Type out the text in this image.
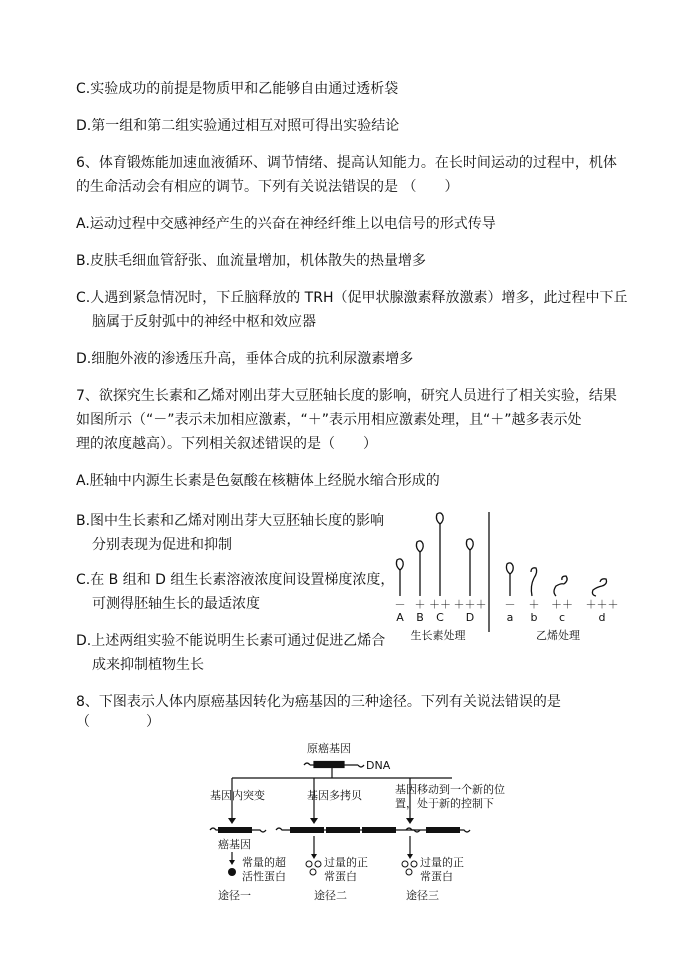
C.实验成功的前提是物质甲和乙能够自由通过透析袋
D.第一组和第二组实验通过相互对照可得出实验结论
6、体育锻炼能加速血液循环、调节情绪、提高认知能力。在长时间运动的过程中，机体
的生命活动会有相应的调节。下列有关说法错误的是 （　　）
A.运动过程中交感神经产生的兴奋在神经纤维上以电信号的形式传导
B.皮肤毛细血管舒张、血流量增加，机体散失的热量增多
C.人遇到紧急情况时，下丘脑释放的 TRH（促甲状腺激素释放激素）增多，此过程中下丘
脑属于反射弧中的神经中枢和效应器
D.细胞外液的渗透压升高，垂体合成的抗利尿激素增多
7、欲探究生长素和乙烯对刚出芽大豆胚轴长度的影响，研究人员进行了相关实验，结果
如图所示（“－”表示未加相应激素，“＋”表示用相应激素处理，且“＋”越多表示处
理的浓度越高）。下列相关叙述错误的是（　　）
A.胚轴中内源生长素是色氨酸在核糖体上经脱水缩合形成的
B.图中生长素和乙烯对刚出芽大豆胚轴长度的影响
分别表现为促进和抑制
C.在 B 组和 D 组生长素溶液浓度间设置梯度浓度，
可测得胚轴生长的最适浓度
D.上述两组实验不能说明生长素可通过促进乙烯合
成来抑制植物生长
8、下图表示人体内原癌基因转化为癌基因的三种途径。下列有关说法错误的是
（　　　　）
－ ＋ ＋＋ ＋＋＋
A B C D
生长素处理
－ ＋ ＋＋ ＋＋＋
a b c	d
乙烯处理
原癌基因
DNA
基因内突变	基因多拷贝	基因移动到一个新的位
置，处于新的控制下
癌基因
常量的超
活性蛋白
过量的正
常蛋白
过量的正
常蛋白
途径一	途径二	途径三
